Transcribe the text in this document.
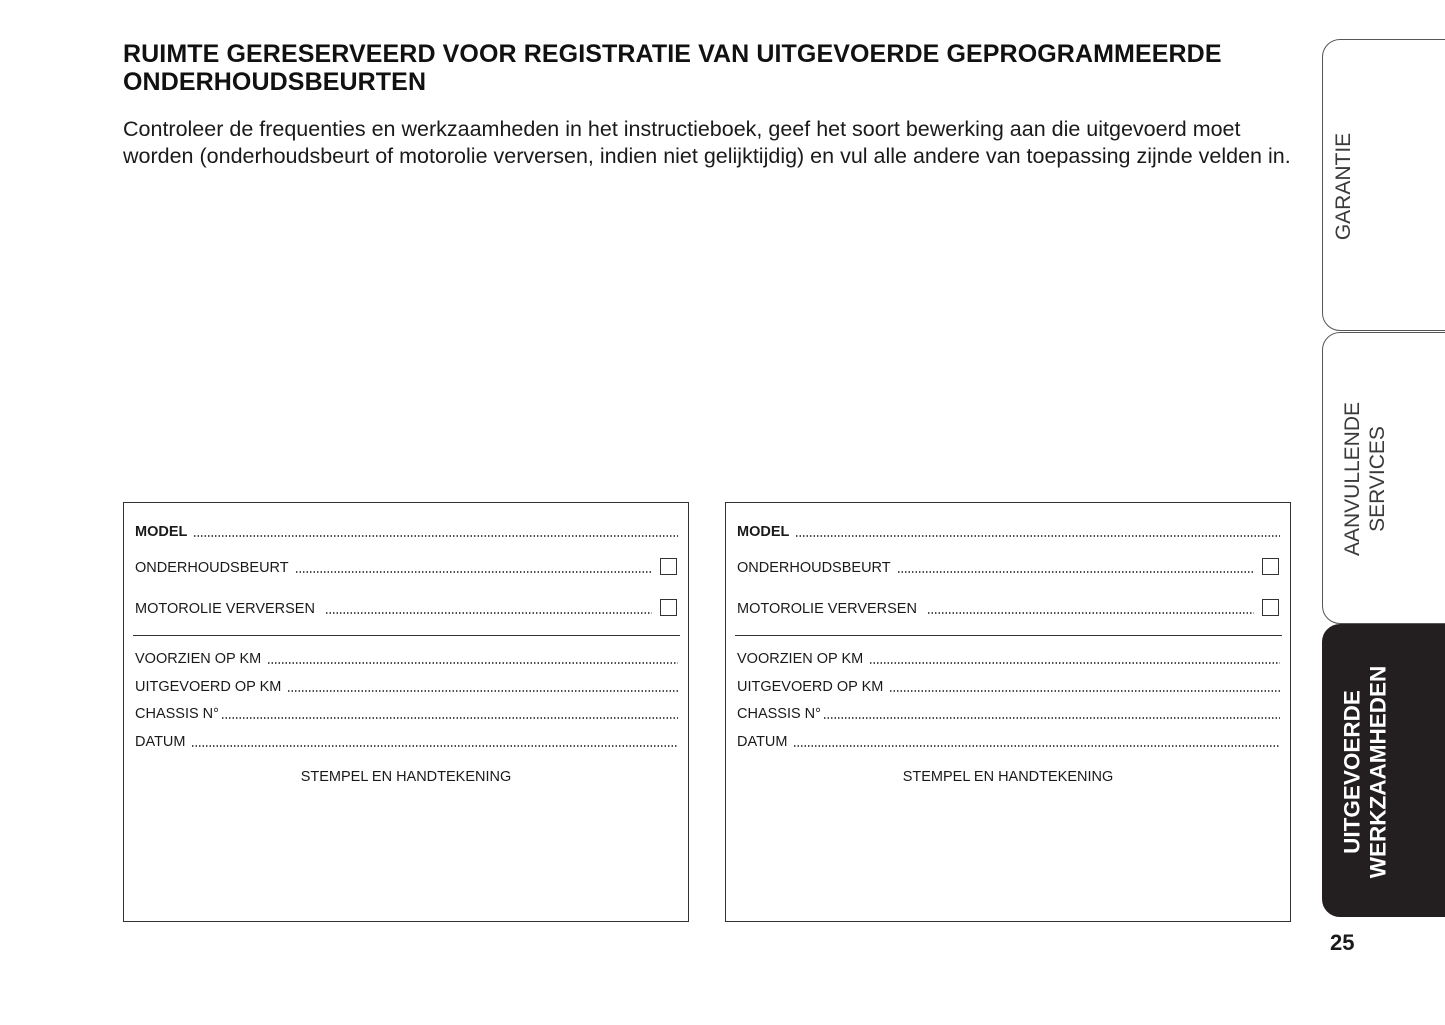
RUIMTE GERESERVEERD VOOR REGISTRATIE VAN UITGEVOERDE GEPROGRAMMEERDE ONDERHOUDSBEURTEN

Controleer de frequenties en werkzaamheden in het instructieboek, geef het soort bewerking aan die uitgevoerd moet worden (onderhoudsbeurt of motorolie verversen, indien niet gelijktijdig) en vul alle andere van toepassing zijnde velden in.

MODEL
ONDERHOUDSBEURT
MOTOROLIE VERVERSEN
VOORZIEN OP KM
UITGEVOERD OP KM
CHASSIS N°
DATUM
STEMPEL EN HANDTEKENING
MODEL
ONDERHOUDSBEURT
MOTOROLIE VERVERSEN
VOORZIEN OP KM
UITGEVOERD OP KM
CHASSIS N°
DATUM
STEMPEL EN HANDTEKENING
GARANTIE
AANVULLENDE SERVICES
UITGEVOERDE WERKZAAMHEDEN
25
